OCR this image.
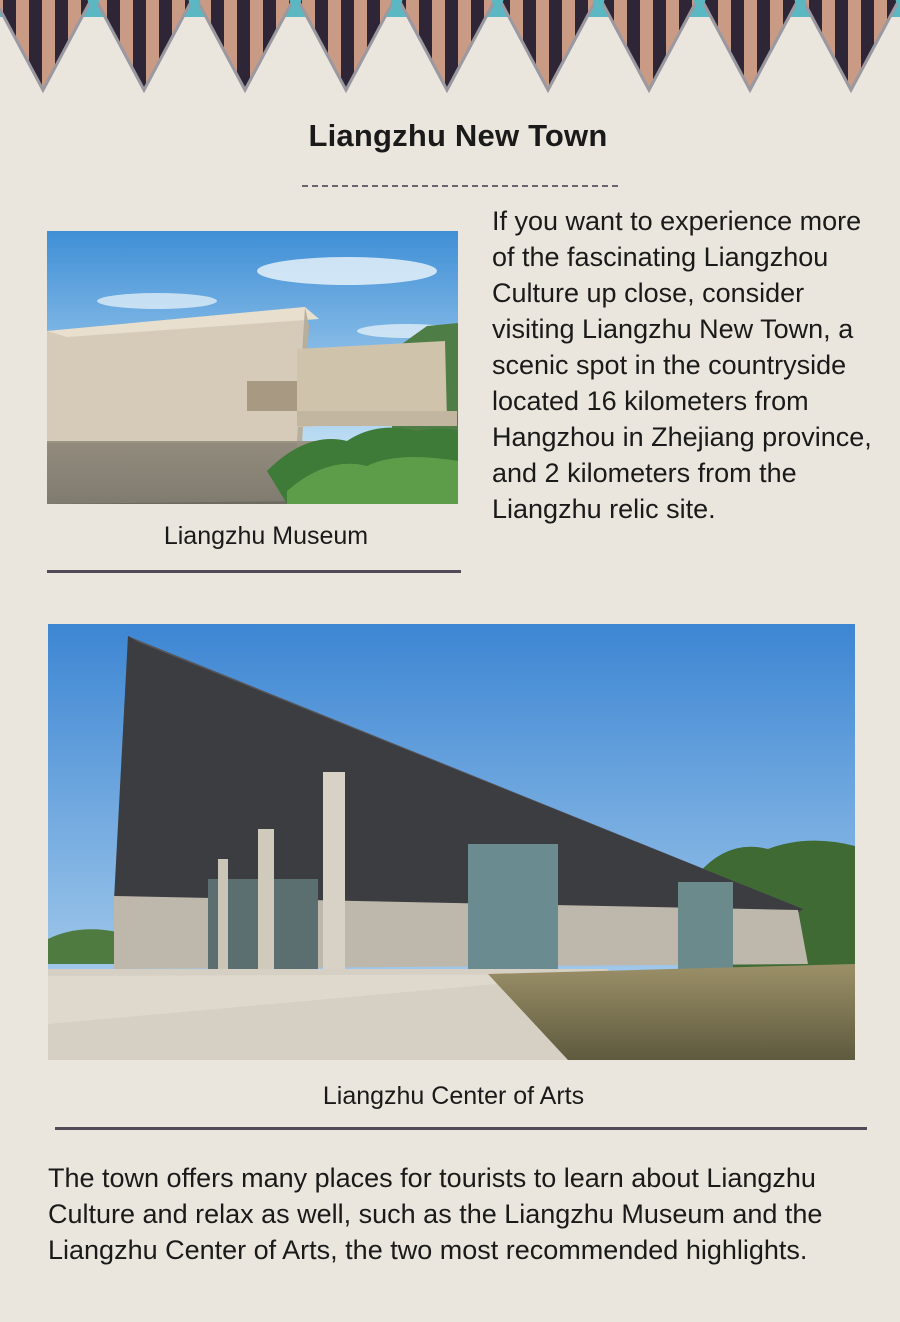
Liangzhu New Town
Liangzhu Museum

If you want to experience more of the fascinating Liangzhou Culture up close, consider visiting Liangzhu New Town, a scenic spot in the countryside located 16 kilometers from Hangzhou in Zhejiang province, and 2 kilometers from the Liangzhu relic site.

Liangzhu Center of Arts

The town offers many places for tourists to learn about Liangzhu Culture and relax as well, such as the Liangzhu Museum and the Liangzhu Center of Arts, the two most recommended highlights.
